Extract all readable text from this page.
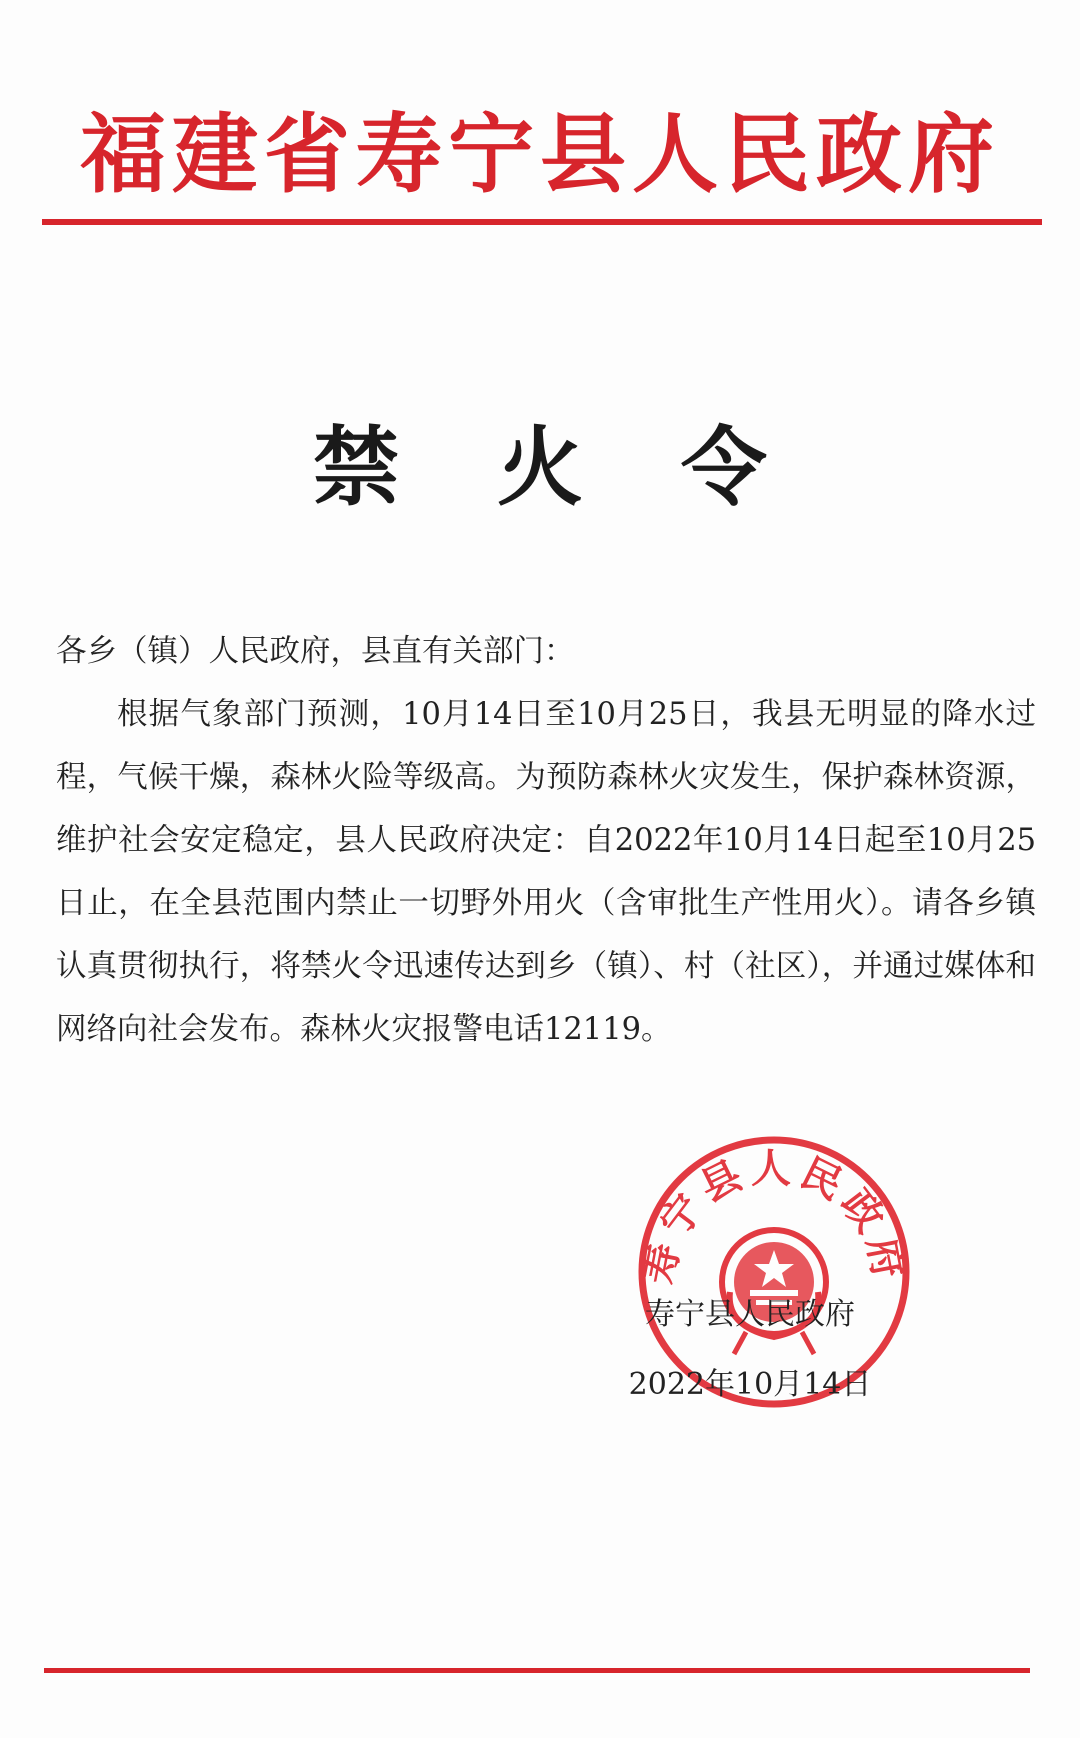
福建省寿宁县人民政府
禁 火 令

各乡（镇）人民政府，县直有关部门：

根据气象部门预测，10月14日至10月25日，我县无明显的降水过程，气候干燥，森林火险等级高。为预防森林火灾发生，保护森林资源，维护社会安定稳定，县人民政府决定：自2022年10月14日起至10月25日止，在全县范围内禁止一切野外用火（含审批生产性用火）。请各乡镇认真贯彻执行，将禁火令迅速传达到乡（镇）、村（社区），并通过媒体和网络向社会发布。森林火灾报警电话12119。

寿宁县人民政府
寿宁县人民政府
2022年10月14日
